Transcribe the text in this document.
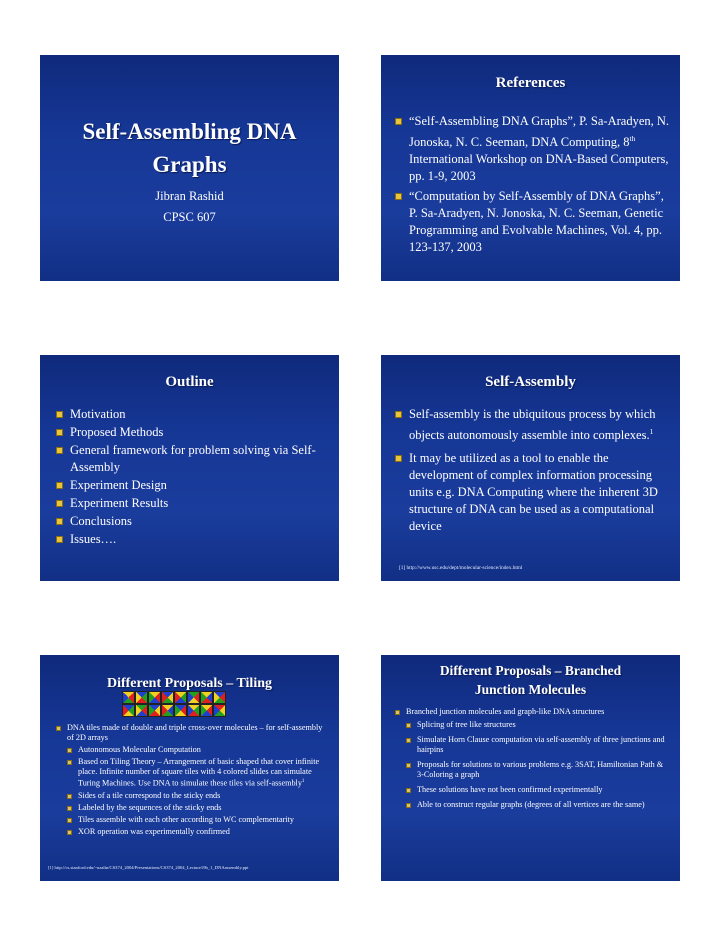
Self-Assembling DNA
Graphs
Jibran Rashid
CPSC 607
References
“Self-Assembling DNA Graphs”, P. Sa-Aradyen, N. Jonoska, N. C. Seeman, DNA Computing, 8th International Workshop on DNA-Based Computers, pp. 1-9, 2003
“Computation by Self-Assembly of DNA Graphs”, P. Sa-Aradyen, N. Jonoska, N. C. Seeman, Genetic Programming and Evolvable Machines, Vol. 4, pp. 123-137, 2003
Outline
Motivation
Proposed Methods
General framework for problem solving via Self-Assembly
Experiment Design
Experiment Results
Conclusions
Issues….
Self-Assembly
Self-assembly is the ubiquitous process by which objects autonomously assemble into complexes.$^1$
It may be utilized as a tool to enable the development of complex information processing units e.g. DNA Computing where the inherent 3D structure of DNA can be used as a computational device
[1] http://www.usc.edu/dept/molecular-science/index.html
Different Proposals – Tiling
DNA tiles made of double and triple cross-over molecules – for self-assembly of 2D arrays
Autonomous Molecular Computation
Based on Tiling Theory – Arrangement of basic shaped that cover infinite place. Infinite number of square tiles with 4 colored slides can simulate Turing Machines. Use DNA to simulate these tiles via self-assembly$^1$
Sides of a tile correspond to the sticky ends
Labeled by the sequences of the sticky ends
Tiles assemble with each other according to WC complementarity
XOR operation was experimentally confirmed
[1] http://cs.stanford.edu/~uzalin/CS374_2004/Presentations/CS374_2004_Lecture19b_1_DNAassembly.ppt
Different Proposals – Branched
Junction Molecules
Branched junction molecules and graph-like DNA structures
Splicing of tree like structures
Simulate Horn Clause computation via self-assembly of three junctions and hairpins
Proposals for solutions to various problems e.g. 3SAT, Hamiltonian Path & 3-Coloring a graph
These solutions have not been confirmed experimentally
Able to construct regular graphs (degrees of all vertices are the same)
